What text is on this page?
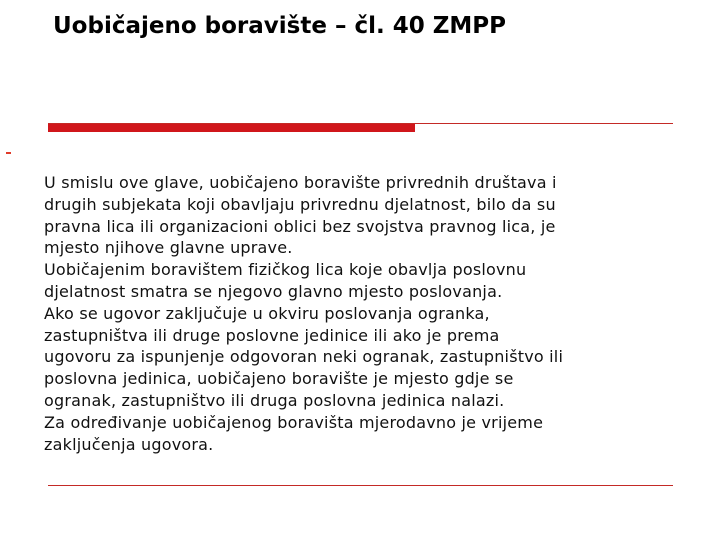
Uobičajeno boravište – čl. 40 ZMPP
U smislu ove glave, uobičajeno boravište privrednih društava i
drugih subjekata koji obavljaju privrednu djelatnost, bilo da su
pravna lica ili organizacioni oblici bez svojstva pravnog lica, je
mjesto njihove glavne uprave.
Uobičajenim boravištem fizičkog lica koje obavlja poslovnu
djelatnost smatra se njegovo glavno mjesto poslovanja.
Ako se ugovor zaključuje u okviru poslovanja ogranka,
zastupništva ili druge poslovne jedinice ili ako je prema
ugovoru za ispunjenje odgovoran neki ogranak, zastupništvo ili
poslovna jedinica, uobičajeno boravište je mjesto gdje se
ogranak, zastupništvo ili druga poslovna jedinica nalazi.
Za određivanje uobičajenog boravišta mjerodavno je vrijeme
zaključenja ugovora.
